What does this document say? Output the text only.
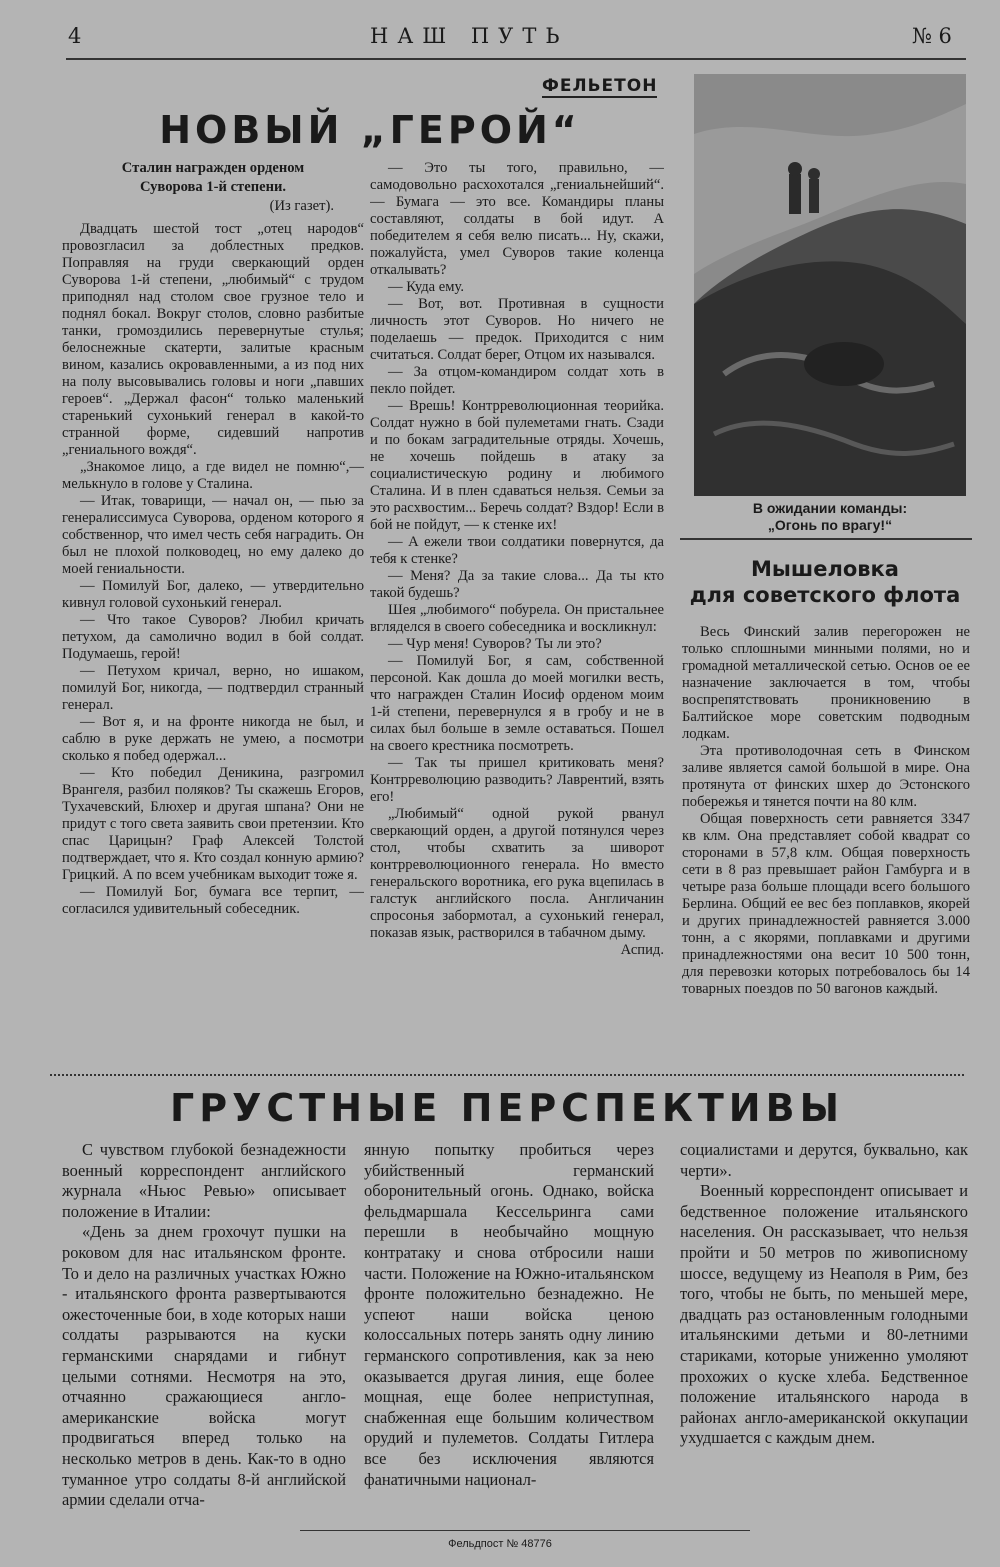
4	НАШ ПУТЬ	№ 6
ФЕЛЬЕТОН
НОВЫЙ „ГЕРОЙ“
Сталин награжден орденом
Суворова 1-й степени.
(Из газет).

Двадцать шестой тост „отец народов“ провозгласил за доблестных предков. Поправляя на груди сверкающий орден Суворова 1-й степени, „любимый“ с трудом приподнял над столом свое грузное тело и поднял бокал. Вокруг столов, словно разбитые танки, громоздились перевернутые стулья; белоснежные скатерти, залитые красным вином, казались окровавленными, а из под них на полу высовывались головы и ноги „павших героев“. „Держал фасон“ только маленький старенький сухонький генерал в какой-то странной форме, сидевший напротив „гениального вождя“.

„Знакомое лицо, а где видел не помню“,—мелькнуло в голове у Сталина.

— Итак, товарищи, — начал он, — пью за генералиссимуса Суворова, орденом которого я собственнор, что имел честь себя наградить. Он был не плохой полководец, но ему далеко до моей гениальности.

— Помилуй Бог, далеко, — утвердительно кивнул головой сухонький генерал.

— Что такое Суворов? Любил кричать петухом, да самолично водил в бой солдат. Подумаешь, герой!

— Петухом кричал, верно, но ишаком, помилуй Бог, никогда, — подтвердил странный генерал.

— Вот я, и на фронте никогда не был, и саблю в руке держать не умею, а посмотри сколько я побед одержал...

— Кто победил Деникина, разгромил Врангеля, разбил поляков? Ты скажешь Егоров, Тухачевский, Блюхер и другая шпана? Они не придут с того света заявить свои претензии. Кто спас Царицын? Граф Алексей Толстой подтверждает, что я. Кто создал конную армию? Грицкий. А по всем учебникам выходит тоже я.

— Помилуй Бог, бумага все терпит, — согласился удивительный собеседник.

— Это ты того, правильно, — самодовольно расхохотался „гениальнейший“. — Бумага — это все. Командиры планы составляют, солдаты в бой идут. А победителем я себя велю писать... Ну, скажи, пожалуйста, умел Суворов такие коленца откалывать?

— Куда ему.

— Вот, вот. Противная в сущности личность этот Суворов. Но ничего не поделаешь — предок. Приходится с ним считаться. Солдат берег, Отцом их назывался.

— За отцом-командиром солдат хоть в пекло пойдет.

— Врешь! Контрреволюционная теорийка. Солдат нужно в бой пулеметами гнать. Сзади и по бокам заградительные отряды. Хочешь, не хочешь пойдешь в атаку за социалистическую родину и любимого Сталина. И в плен сдаваться нельзя. Семьи за это расхвостим... Беречь солдат? Вздор! Если в бой не пойдут, — к стенке их!

— А ежели твои солдатики повернутся, да тебя к стенке?

— Меня? Да за такие слова... Да ты кто такой будешь?

Шея „любимого“ побурела. Он пристальнее вгляделся в своего собеседника и воскликнул:

— Чур меня! Суворов? Ты ли это?

— Помилуй Бог, я сам, собственной персоной. Как дошла до моей могилки весть, что награжден Сталин Иосиф орденом моим 1-й степени, перевернулся я в гробу и не в силах был больше в земле оставаться. Пошел на своего крестника посмотреть.

— Так ты пришел критиковать меня? Контрреволюцию разводить? Лаврентий, взять его!

„Любимый“ одной рукой рванул сверкающий орден, а другой потянулся через стол, чтобы схватить за шиворот контрреволюционного генерала. Но вместо генеральского воротника, его рука вцепилась в галстук английского посла. Англичанин спросонья забормотал, а сухонький генерал, показав язык, растворился в табачном дыму.

Аспид.
В ожидании команды:
„Огонь по врагу!“
Мышеловка
для советского флота

Весь Финский залив перегорожен не только сплошными минными полями, но и громадной металлической сетью. Основ ое ее назначение заключается в том, чтобы воспрепятствовать проникновению в Балтийское море советским подводным лодкам.

Эта противолодочная сеть в Финском заливе является самой большой в мире. Она протянута от финских шхер до Эстонского побережья и тянется почти на 80 клм.

Общая поверхность сети равняется 3347 кв клм. Она представляет собой квадрат со сторонами в 57,8 клм. Общая поверхность сети в 8 раз превышает район Гамбурга и в четыре раза больше площади всего большого Берлина. Общий ее вес без поплавков, якорей и других принадлежностей равняется 3.000 тонн, а с якорями, поплавками и другими принадлежностями она весит 10 500 тонн, для перевозки которых потребовалось бы 14 товарных поездов по 50 вагонов каждый.

ГРУСТНЫЕ ПЕРСПЕКТИВЫ

С чувством глубокой безнадежности военный корреспондент английского журнала «Ньюс Ревью» описывает положение в Италии:

«День за днем грохочут пушки на роковом для нас итальянском фронте. То и дело на различных участках Южно - итальянского фронта развертываются ожесточенные бои, в ходе которых наши солдаты разрываются на куски германскими снарядами и гибнут целыми сотнями. Несмотря на это, отчаянно сражающиеся англо-американские войска могут продвигаться вперед только на несколько метров в день. Как-то в одно туманное утро солдаты 8-й английской армии сделали отча-

янную попытку пробиться через убийственный германский оборонительный огонь. Однако, войска фельдмаршала Кессельринга сами перешли в необычайно мощную контратаку и снова отбросили наши части. Положение на Южно-итальянском фронте положительно безнадежно. Не успеют наши войска ценою колоссальных потерь занять одну линию германского сопротивления, как за нею оказывается другая линия, еще более мощная, еще более неприступная, снабженная еще большим количеством орудий и пулеметов. Солдаты Гитлера все без исключения являются фанатичными национал-

социалистами и дерутся, буквально, как черти».

Военный корреспондент описывает и бедственное положение итальянского населения. Он рассказывает, что нельзя пройти и 50 метров по живописному шоссе, ведущему из Неаполя в Рим, без того, чтобы не быть, по меньшей мере, двадцать раз остановленным голодными итальянскими детьми и 80-летними стариками, которые униженно умоляют прохожих о куске хлеба. Бедственное положение итальянского народа в районах англо-американской оккупации ухудшается с каждым днем.

Фельдпост № 48776
